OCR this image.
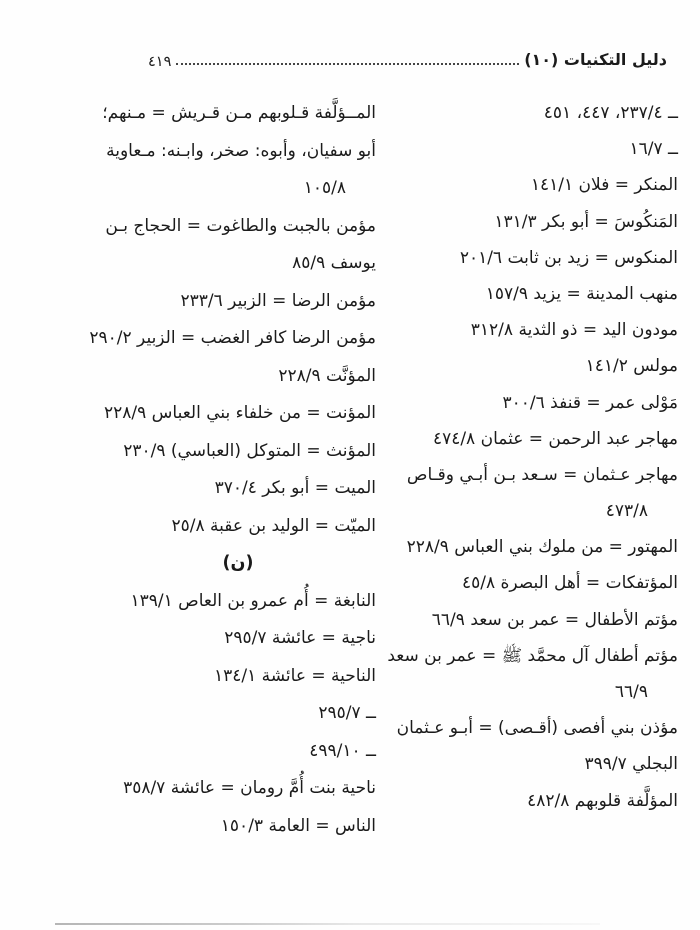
دليل التكنيات (١٠)
٤١٩
ــ ٢٣٧/٤، ٤٤٧، ٤٥١
ــ ١٦/٧
المنكر = فلان ١٤١/١
المَنكُوسَ = أبو بكر ١٣١/٣
المنكوس = زيد بن ثابت ٢٠١/٦
منهب المدينة = يزيد ١٥٧/٩
مودون اليد = ذو الثدية ٣١٢/٨
مولس ١٤١/٢
مَوْلى عمر = قنفذ ٣٠٠/٦
مهاجر عبد الرحمن = عثمان ٤٧٤/٨
مهاجر عـثمان = سـعد بـن أبـي وقـاص
٤٧٣/٨
المهتور = من ملوك بني العباس ٢٢٨/٩
المؤتفكات = أهل البصرة ٤٥/٨
مؤتم الأطفال = عمر بن سعد ٦٦/٩
مؤتم أطفال آل محمَّد ﷺ = عمر بن سعد
٦٦/٩
مؤذن بني أفصى (أقـصى) = أبـو عـثمان
البجلي ٣٩٩/٧
المؤلَّفة قلوبهم ٤٨٢/٨
المــؤلَّفة قـلوبهم مـن قـريش = مـنهم؛
أبو سفيان، وأبوه: صخر، وابـنه: مـعاوية
١٠٥/٨
مؤمن بالجبت والطاغوت = الحجاج بـن
يوسف ٨٥/٩
مؤمن الرضا = الزبير ٢٣٣/٦
مؤمن الرضا كافر الغضب = الزبير ٢٩٠/٢
المؤنَّت ٢٢٨/٩
المؤنت = من خلفاء بني العباس ٢٢٨/٩
المؤنث = المتوكل (العباسي) ٢٣٠/٩
الميت = أبو بكر ٣٧٠/٤
الميّت = الوليد بن عقبة ٢٥/٨
(ن)
النابغة = أُم عمرو بن العاص ١٣٩/١
ناجية = عائشة ٢٩٥/٧
الناحية = عائشة ١٣٤/١
ــ ٢٩٥/٧
ــ ٤٩٩/١٠
ناحية بنت أُمَّ رومان = عائشة ٣٥٨/٧
الناس = العامة ١٥٠/٣
